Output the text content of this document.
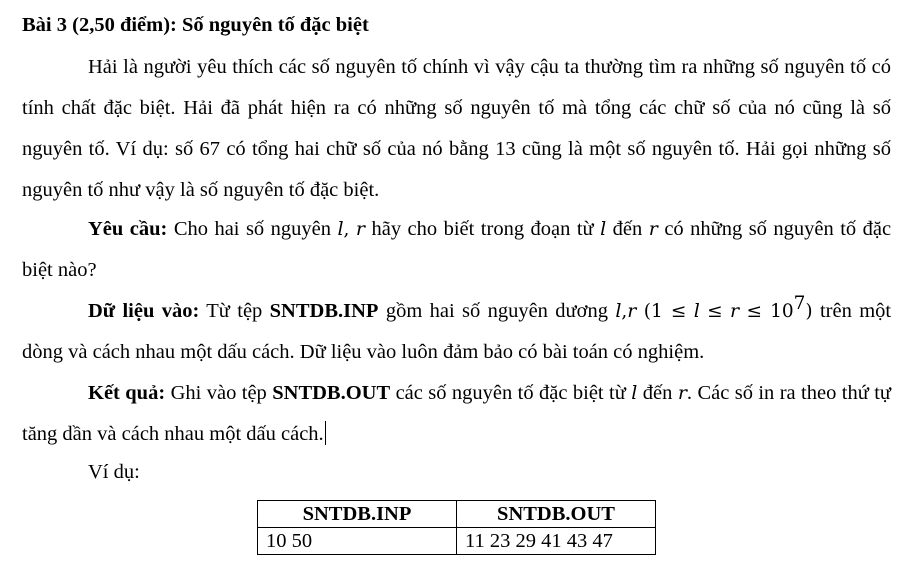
Bài 3 (2,50 điểm): Số nguyên tố đặc biệt
Hải là người yêu thích các số nguyên tố chính vì vậy cậu ta thường tìm ra những số nguyên tố có tính chất đặc biệt. Hải đã phát hiện ra có những số nguyên tố mà tổng các chữ số của nó cũng là số nguyên tố. Ví dụ: số 67 có tổng hai chữ số của nó bằng 13 cũng là một số nguyên tố. Hải gọi những số nguyên tố như vậy là số nguyên tố đặc biệt.
Yêu cầu: Cho hai số nguyên l, r hãy cho biết trong đoạn từ l đến r có những số nguyên tố đặc biệt nào?
Dữ liệu vào: Từ tệp SNTDB.INP gồm hai số nguyên dương l,r $(1 \le l \le r \le 10^7)$ trên một dòng và cách nhau một dấu cách. Dữ liệu vào luôn đảm bảo có bài toán có nghiệm.
Kết quả: Ghi vào tệp SNTDB.OUT các số nguyên tố đặc biệt từ l đến r. Các số in ra theo thứ tự tăng dần và cách nhau một dấu cách.
Ví dụ:
SNTDB.INP	SNTDB.OUT
10 50	11 23 29 41 43 47
